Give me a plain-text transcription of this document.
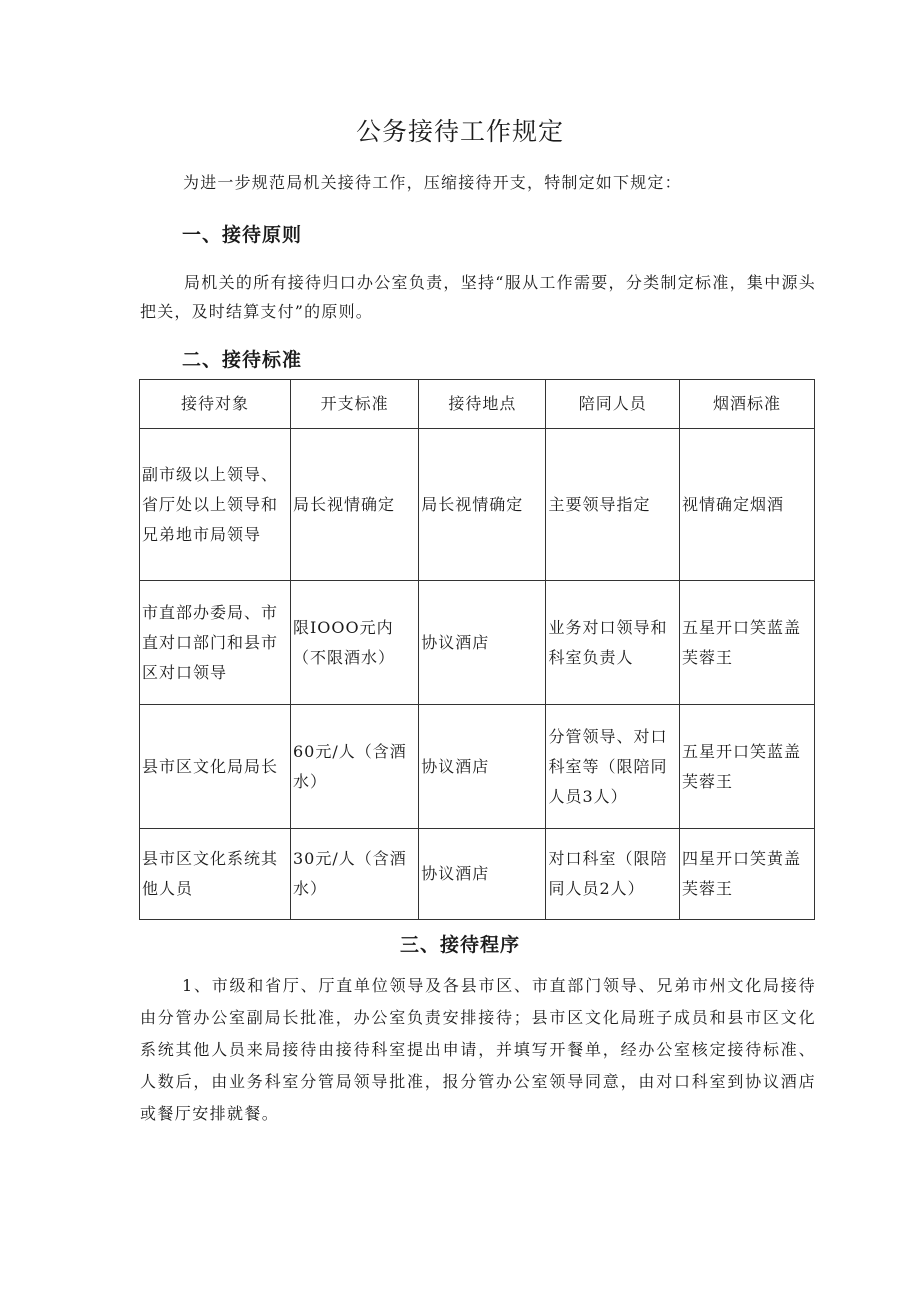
公务接待工作规定
为进一步规范局机关接待工作，压缩接待开支，特制定如下规定：
一、接待原则
局机关的所有接待归口办公室负责，坚持“服从工作需要，分类制定标准，集中源头把关，及时结算支付”的原则。
二、接待标准
接待对象	开支标准	接待地点	陪同人员	烟酒标准
副市级以上领导、省厅处以上领导和兄弟地市局领导	局长视情确定	局长视情确定	主要领导指定	视情确定烟酒
市直部办委局、市直对口部门和县市区对口领导	限IOOO元内（不限酒水）	协议酒店	业务对口领导和科室负责人	五星开口笑蓝盖芙蓉王
县市区文化局局长	60元/人（含酒水）	协议酒店	分管领导、对口科室等（限陪同人员3人）	五星开口笑蓝盖芙蓉王
县市区文化系统其他人员	30元/人（含酒水）	协议酒店	对口科室（限陪同人员2人）	四星开口笑黄盖芙蓉王
三、接待程序
1、市级和省厅、厅直单位领导及各县市区、市直部门领导、兄弟市州文化局接待由分管办公室副局长批准，办公室负责安排接待；县市区文化局班子成员和县市区文化系统其他人员来局接待由接待科室提出申请，并填写开餐单，经办公室核定接待标准、人数后，由业务科室分管局领导批准，报分管办公室领导同意，由对口科室到协议酒店或餐厅安排就餐。
